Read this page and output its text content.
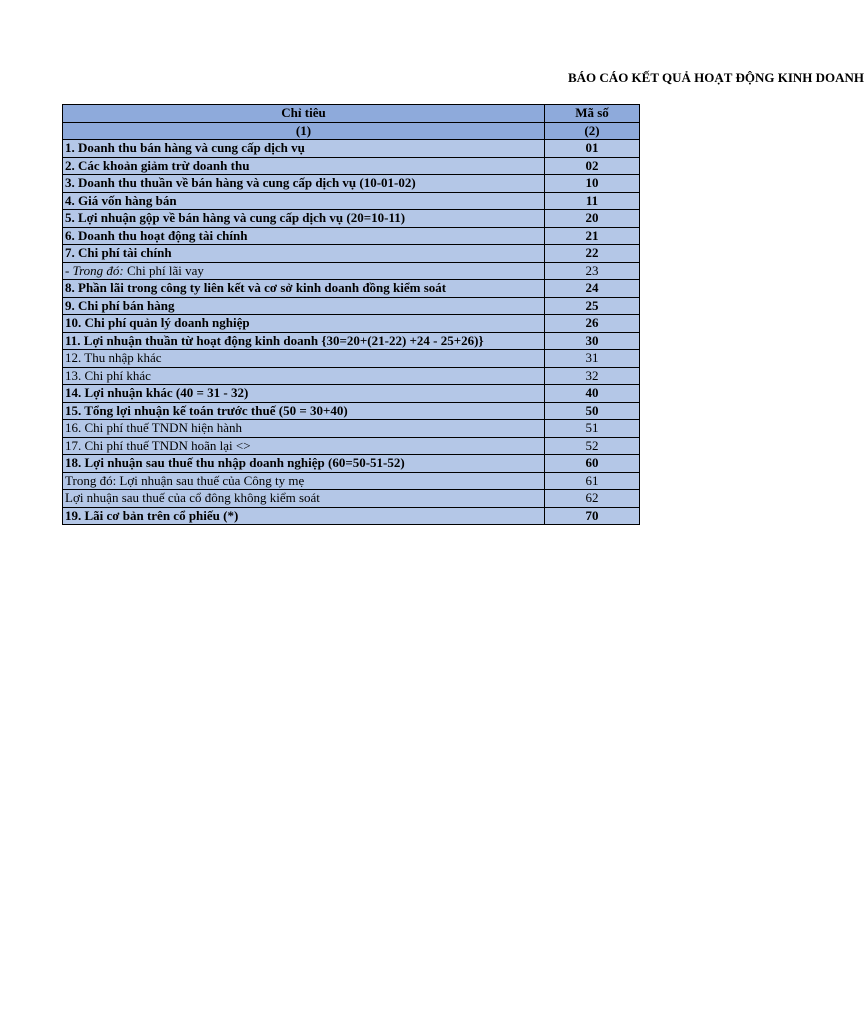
BÁO CÁO KẾT QUẢ HOẠT ĐỘNG KINH DOANH
Chỉ tiêu	Mã số
(1)	(2)
1. Doanh thu bán hàng và cung cấp dịch vụ	01
2. Các khoản giảm trừ doanh thu	02
3. Doanh thu thuần về bán hàng và cung cấp dịch vụ (10-01-02)	10
4. Giá vốn hàng bán	11
5. Lợi nhuận gộp về bán hàng và cung cấp dịch vụ (20=10-11)	20
6. Doanh thu hoạt động tài chính	21
7. Chi phí tài chính	22
- Trong đó: Chi phí lãi vay	23
8. Phần lãi trong công ty liên kết và cơ sở kinh doanh đồng kiểm soát	24
9. Chi phí bán hàng	25
10. Chi phí quản lý doanh nghiệp	26
11. Lợi nhuận thuần từ hoạt động kinh doanh {30=20+(21-22) +24 - 25+26)}	30
12. Thu nhập khác	31
13. Chi phí khác	32
14. Lợi nhuận khác (40 = 31 - 32)	40
15. Tổng lợi nhuận kế toán trước thuế (50 = 30+40)	50
16. Chi phí thuế TNDN hiện hành	51
17. Chi phí thuế TNDN hoãn lại <>	52
18. Lợi nhuận sau thuế thu nhập doanh nghiệp (60=50-51-52)	60
Trong đó: Lợi nhuận sau thuế của Công ty mẹ	61
Lợi nhuận sau thuế của cổ đông không kiểm soát	62
19. Lãi cơ bản trên cổ phiếu (*)	70
